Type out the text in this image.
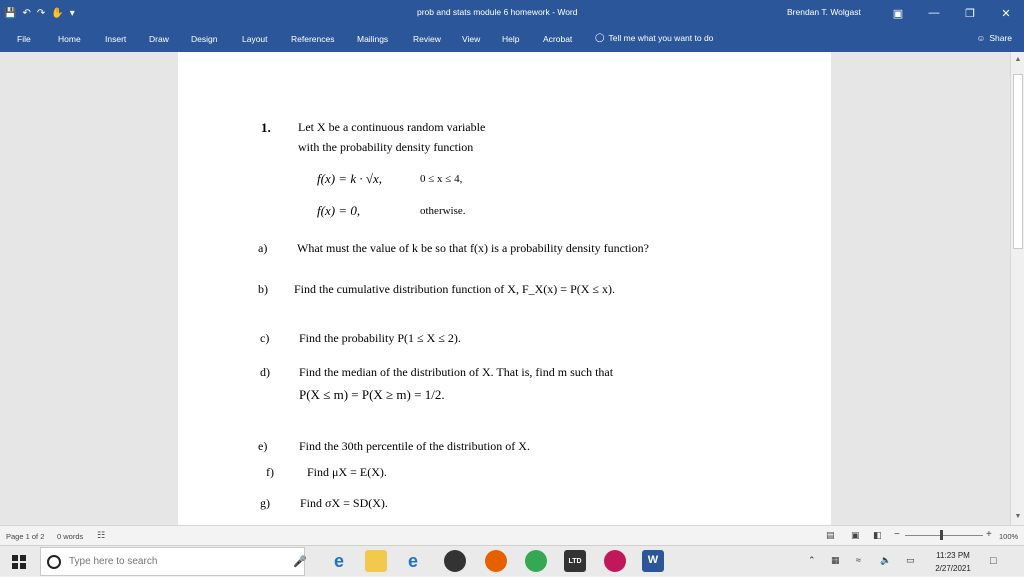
💾 ↶ ↷ ✋ ▾	prob and stats module 6 homework - Word	Brendan T. Wolgast	▣	—	❐	✕
File	Home	Insert	Draw	Design	Layout	References	Mailings	Review View	Help	Acrobat	◯ Tell me what you want to do	☺ Share
1. Let X be a continuous random variable
with the probability density function
f(x) = k · √x,	0 ≤ x ≤ 4,
f(x) = 0,	otherwise.
a) What must the value of k be so that f(x) is a probability density function?
b) Find the cumulative distribution function of X, F_X(x) = P(X ≤ x).
c) Find the probability P(1 ≤ X ≤ 2).
d) Find the median of the distribution of X. That is, find m such that
P(X ≤ m) = P(X ≥ m) = 1/2.
e)	Find the 30th percentile of the distribution of X.
f)	Find μX = E(X).
g)	Find σX = SD(X).
▲
▼
Page 1 of 2 0 words ☷	▤ ▣ ◧ −	+ 100%
Type here to search
🎤	e	e	LTD	W	⌃ ▦ ≈ 🔈 ▭	11:23 PM
2/27/2021
□
